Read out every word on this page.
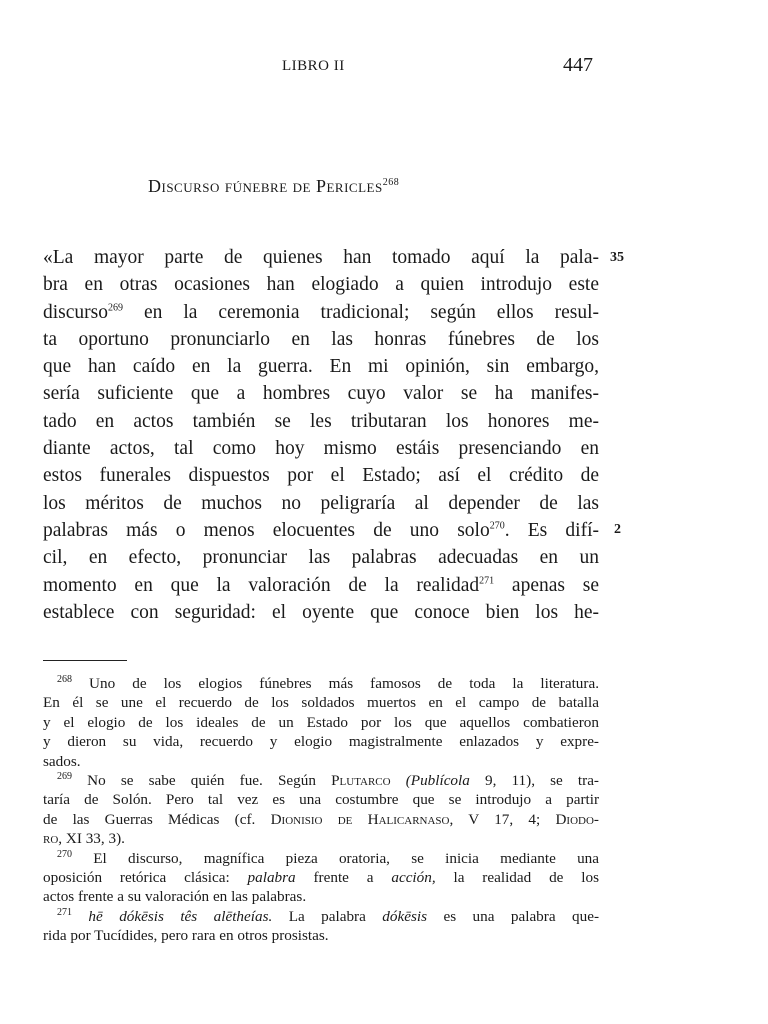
LIBRO II	447
Discurso fúnebre de Pericles$^{268}$
35
2
«La mayor parte de quienes han tomado aquí la pala-
bra en otras ocasiones han elogiado a quien introdujo este
discurso$^{269}$ en la ceremonia tradicional; según ellos resul-
ta oportuno pronunciarlo en las honras fúnebres de los
que han caído en la guerra. En mi opinión, sin embargo,
sería suficiente que a hombres cuyo valor se ha manifes-
tado en actos también se les tributaran los honores me-
diante actos, tal como hoy mismo estáis presenciando en
estos funerales dispuestos por el Estado; así el crédito de
los méritos de muchos no peligraría al depender de las
palabras más o menos elocuentes de uno solo$^{270}$. Es difí-
cil, en efecto, pronunciar las palabras adecuadas en un
momento en que la valoración de la realidad$^{271}$ apenas se
establece con seguridad: el oyente que conoce bien los he-
$^{268}$ Uno de los elogios fúnebres más famosos de toda la literatura.
En él se une el recuerdo de los soldados muertos en el campo de batalla
y el elogio de los ideales de un Estado por los que aquellos combatieron
y dieron su vida, recuerdo y elogio magistralmente enlazados y expre-
sados.
$^{269}$ No se sabe quién fue. Según Plutarco (Publícola 9, 11), se tra-
taría de Solón. Pero tal vez es una costumbre que se introdujo a partir
de las Guerras Médicas (cf. Dionisio de Halicarnaso, V 17, 4; Diodo-
ro, XI 33, 3).
$^{270}$ El discurso, magnífica pieza oratoria, se inicia mediante una
oposición retórica clásica: palabra frente a acción, la realidad de los
actos frente a su valoración en las palabras.
$^{271}$ hē dókēsis tês alētheías. La palabra dókēsis es una palabra que-
rida por Tucídides, pero rara en otros prosistas.
